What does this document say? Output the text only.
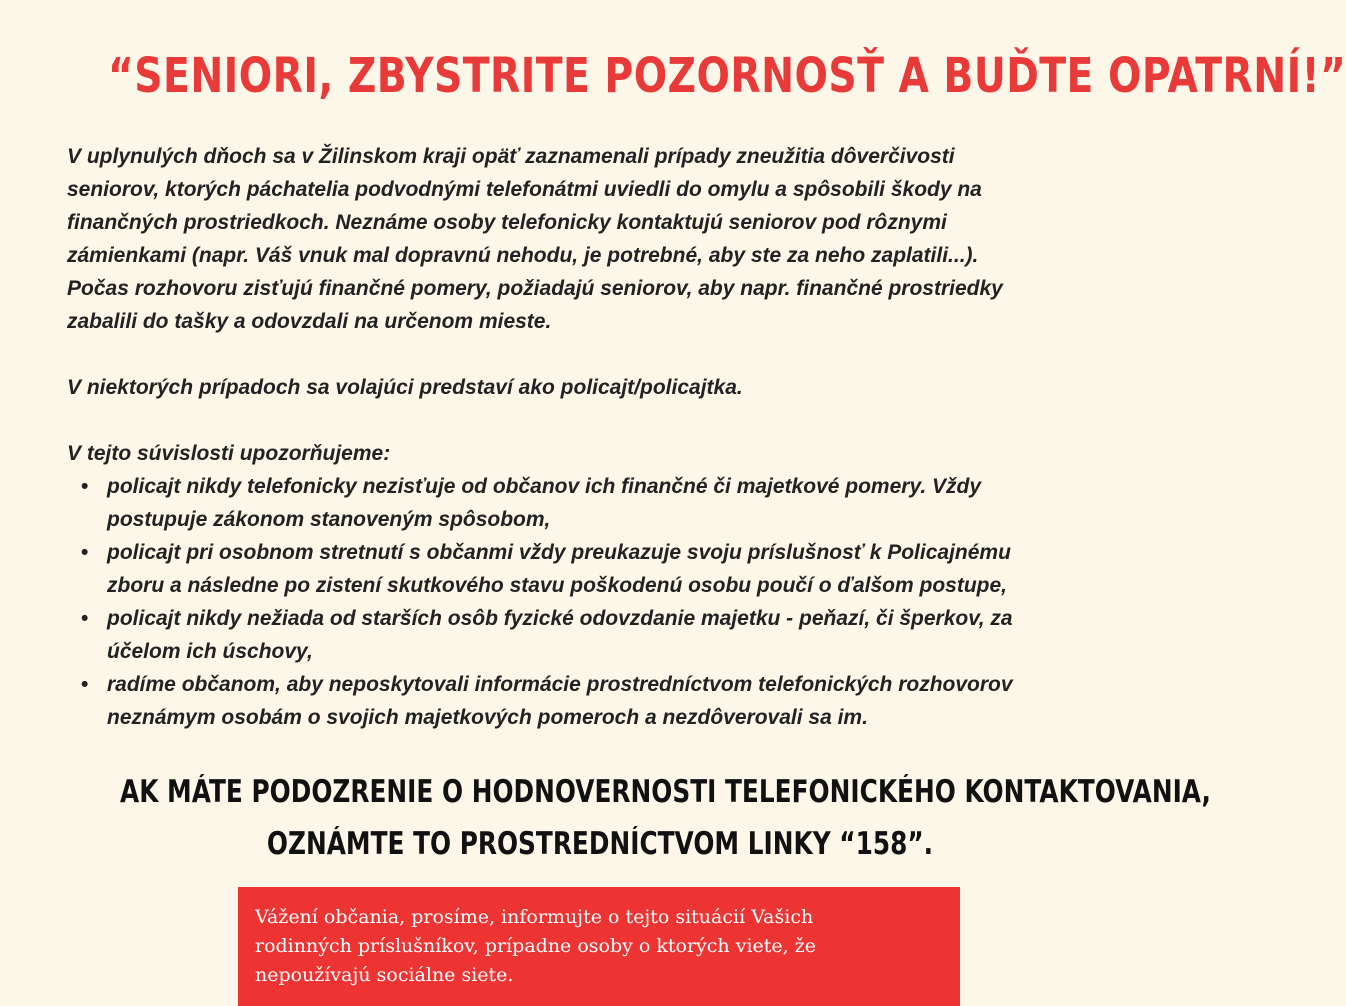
“SENIORI, ZBYSTRITE POZORNOSŤ A BUĎTE OPATRNÍ!”

V uplynulých dňoch sa v Žilinskom kraji opäť zaznamenali prípady zneužitia dôverčivosti
seniorov, ktorých páchatelia podvodnými telefonátmi uviedli do omylu a spôsobili škody na
finančných prostriedkoch. Neznáme osoby telefonicky kontaktujú seniorov pod rôznymi
zámienkami (napr. Váš vnuk mal dopravnú nehodu, je potrebné, aby ste za neho zaplatili...).
Počas rozhovoru zisťujú finančné pomery, požiadajú seniorov, aby napr. finančné prostriedky
zabalili do tašky a odovzdali na určenom mieste.

V niektorých prípadoch sa volajúci predstaví ako policajt/policajtka.

V tejto súvislosti upozorňujeme:

• policajt nikdy telefonicky nezisťuje od občanov ich finančné či majetkové pomery. Vždy
postupuje zákonom stanoveným spôsobom,
• policajt pri osobnom stretnutí s občanmi vždy preukazuje svoju príslušnosť k Policajnému
zboru a následne po zistení skutkového stavu poškodenú osobu poučí o ďalšom postupe,
• policajt nikdy nežiada od starších osôb fyzické odovzdanie majetku - peňazí, či šperkov, za
účelom ich úschovy,
• radíme občanom, aby neposkytovali informácie prostredníctvom telefonických rozhovorov
neznámym osobám o svojich majetkových pomeroch a nezdôverovali sa im.
AK MÁTE PODOZRENIE O HODNOVERNOSTI TELEFONICKÉHO KONTAKTOVANIA,
OZNÁMTE TO PROSTREDNÍCTVOM LINKY “158”.
Vážení občania, prosíme, informujte o tejto situácií Vašich
rodinných príslušníkov, prípadne osoby o ktorých viete, že
nepoužívajú sociálne siete.
